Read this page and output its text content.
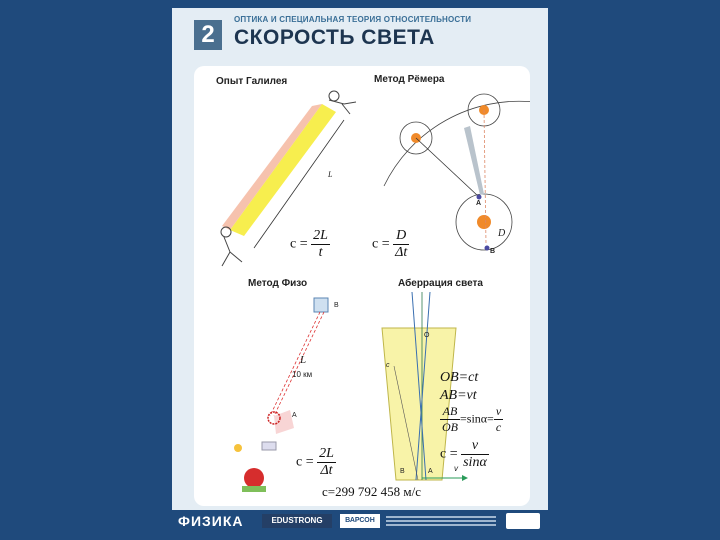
2
ОПТИКА И СПЕЦИАЛЬНАЯ ТЕОРИЯ ОТНОСИТЕЛЬНОСТИ
СКОРОСТЬ СВЕТА
Опыт Галилея
L
$c = \frac{2L}{t}$
Метод Рёмера
A
B
D
$c = \frac{D}{\Delta t}$
Метод Физо
B
A
L
10 км
$c = \frac{2L}{\Delta t}$
Аберрация света
O
c
B	A	v
OB=ct
AB=vt
$\frac{AB}{OB} =\sin\alpha= \frac{v}{c}$
$c = \frac{v}{\sin\alpha}$
c=299 792 458 м/с
ФИЗИКА	EDUSTRONG	ВАРСОН
